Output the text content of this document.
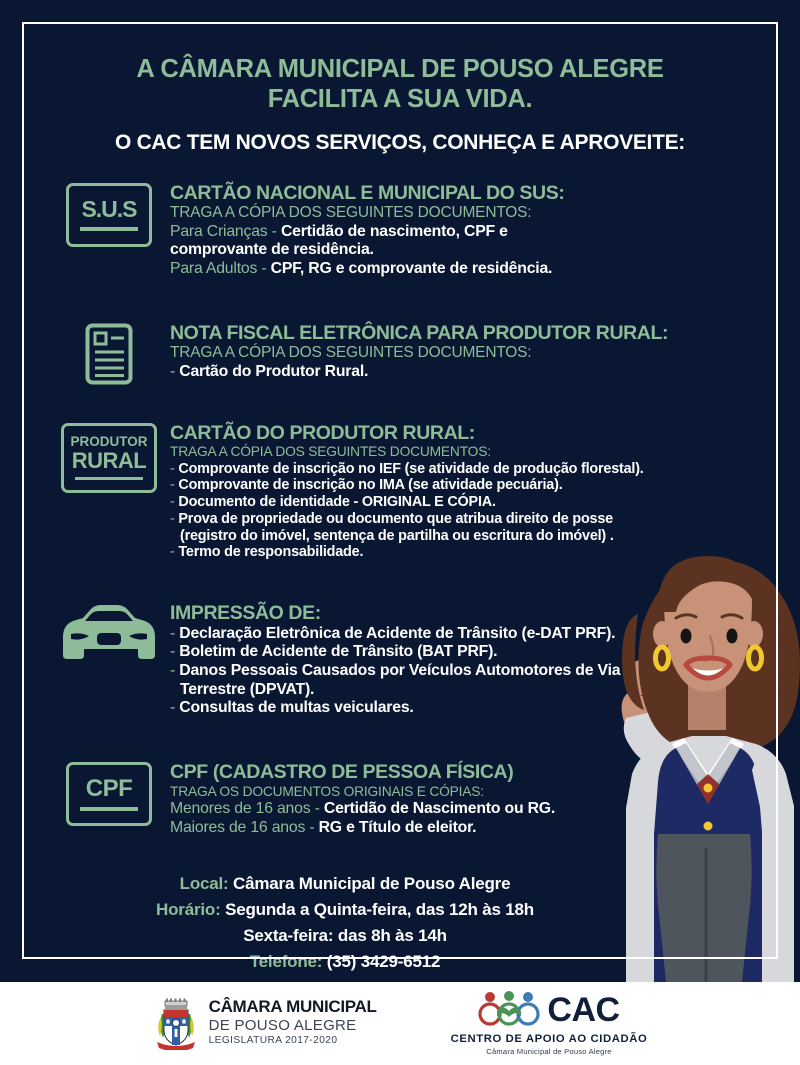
A CÂMARA MUNICIPAL DE POUSO ALEGRE
FACILITA A SUA VIDA.
O CAC TEM NOVOS SERVIÇOS, CONHEÇA E APROVEITE:
S.U.S
CARTÃO NACIONAL E MUNICIPAL DO SUS:
TRAGA A CÓPIA DOS SEGUINTES DOCUMENTOS:
Para Crianças - Certidão de nascimento, CPF e
comprovante de residência.
Para Adultos - CPF, RG e comprovante de residência.
NOTA FISCAL ELETRÔNICA PARA PRODUTOR RURAL:
TRAGA A CÓPIA DOS SEGUINTES DOCUMENTOS:
- Cartão do Produtor Rural.
PRODUTOR
RURAL
CARTÃO DO PRODUTOR RURAL:
TRAGA A CÓPIA DOS SEGUINTES DOCUMENTOS:
- Comprovante de inscrição no IEF (se atividade de produção florestal).
- Comprovante de inscrição no IMA (se atividade pecuária).
- Documento de identidade - ORIGINAL E CÓPIA.
- Prova de propriedade ou documento que atribua direito de posse
(registro do imóvel, sentença de partilha ou escritura do imóvel) .
- Termo de responsabilidade.
IMPRESSÃO DE:
- Declaração Eletrônica de Acidente de Trânsito (e-DAT PRF).
- Boletim de Acidente de Trânsito (BAT PRF).
- Danos Pessoais Causados por Veículos Automotores de Via
Terrestre (DPVAT).
- Consultas de multas veiculares.
CPF
CPF (CADASTRO DE PESSOA FÍSICA)
TRAGA OS DOCUMENTOS ORIGINAIS E CÓPIAS:
Menores de 16 anos - Certidão de Nascimento ou RG.
Maiores de 16 anos - RG e Título de eleitor.
Local: Câmara Municipal de Pouso Alegre
Horário: Segunda a Quinta-feira, das 12h às 18h
Sexta-feira: das 8h às 14h
Telefone: (35) 3429-6512
CÂMARA MUNICIPAL
DE POUSO ALEGRE
LEGISLATURA 2017-2020
CAC
CENTRO DE APOIO AO CIDADÃO
Câmara Municipal de Pouso Alegre
